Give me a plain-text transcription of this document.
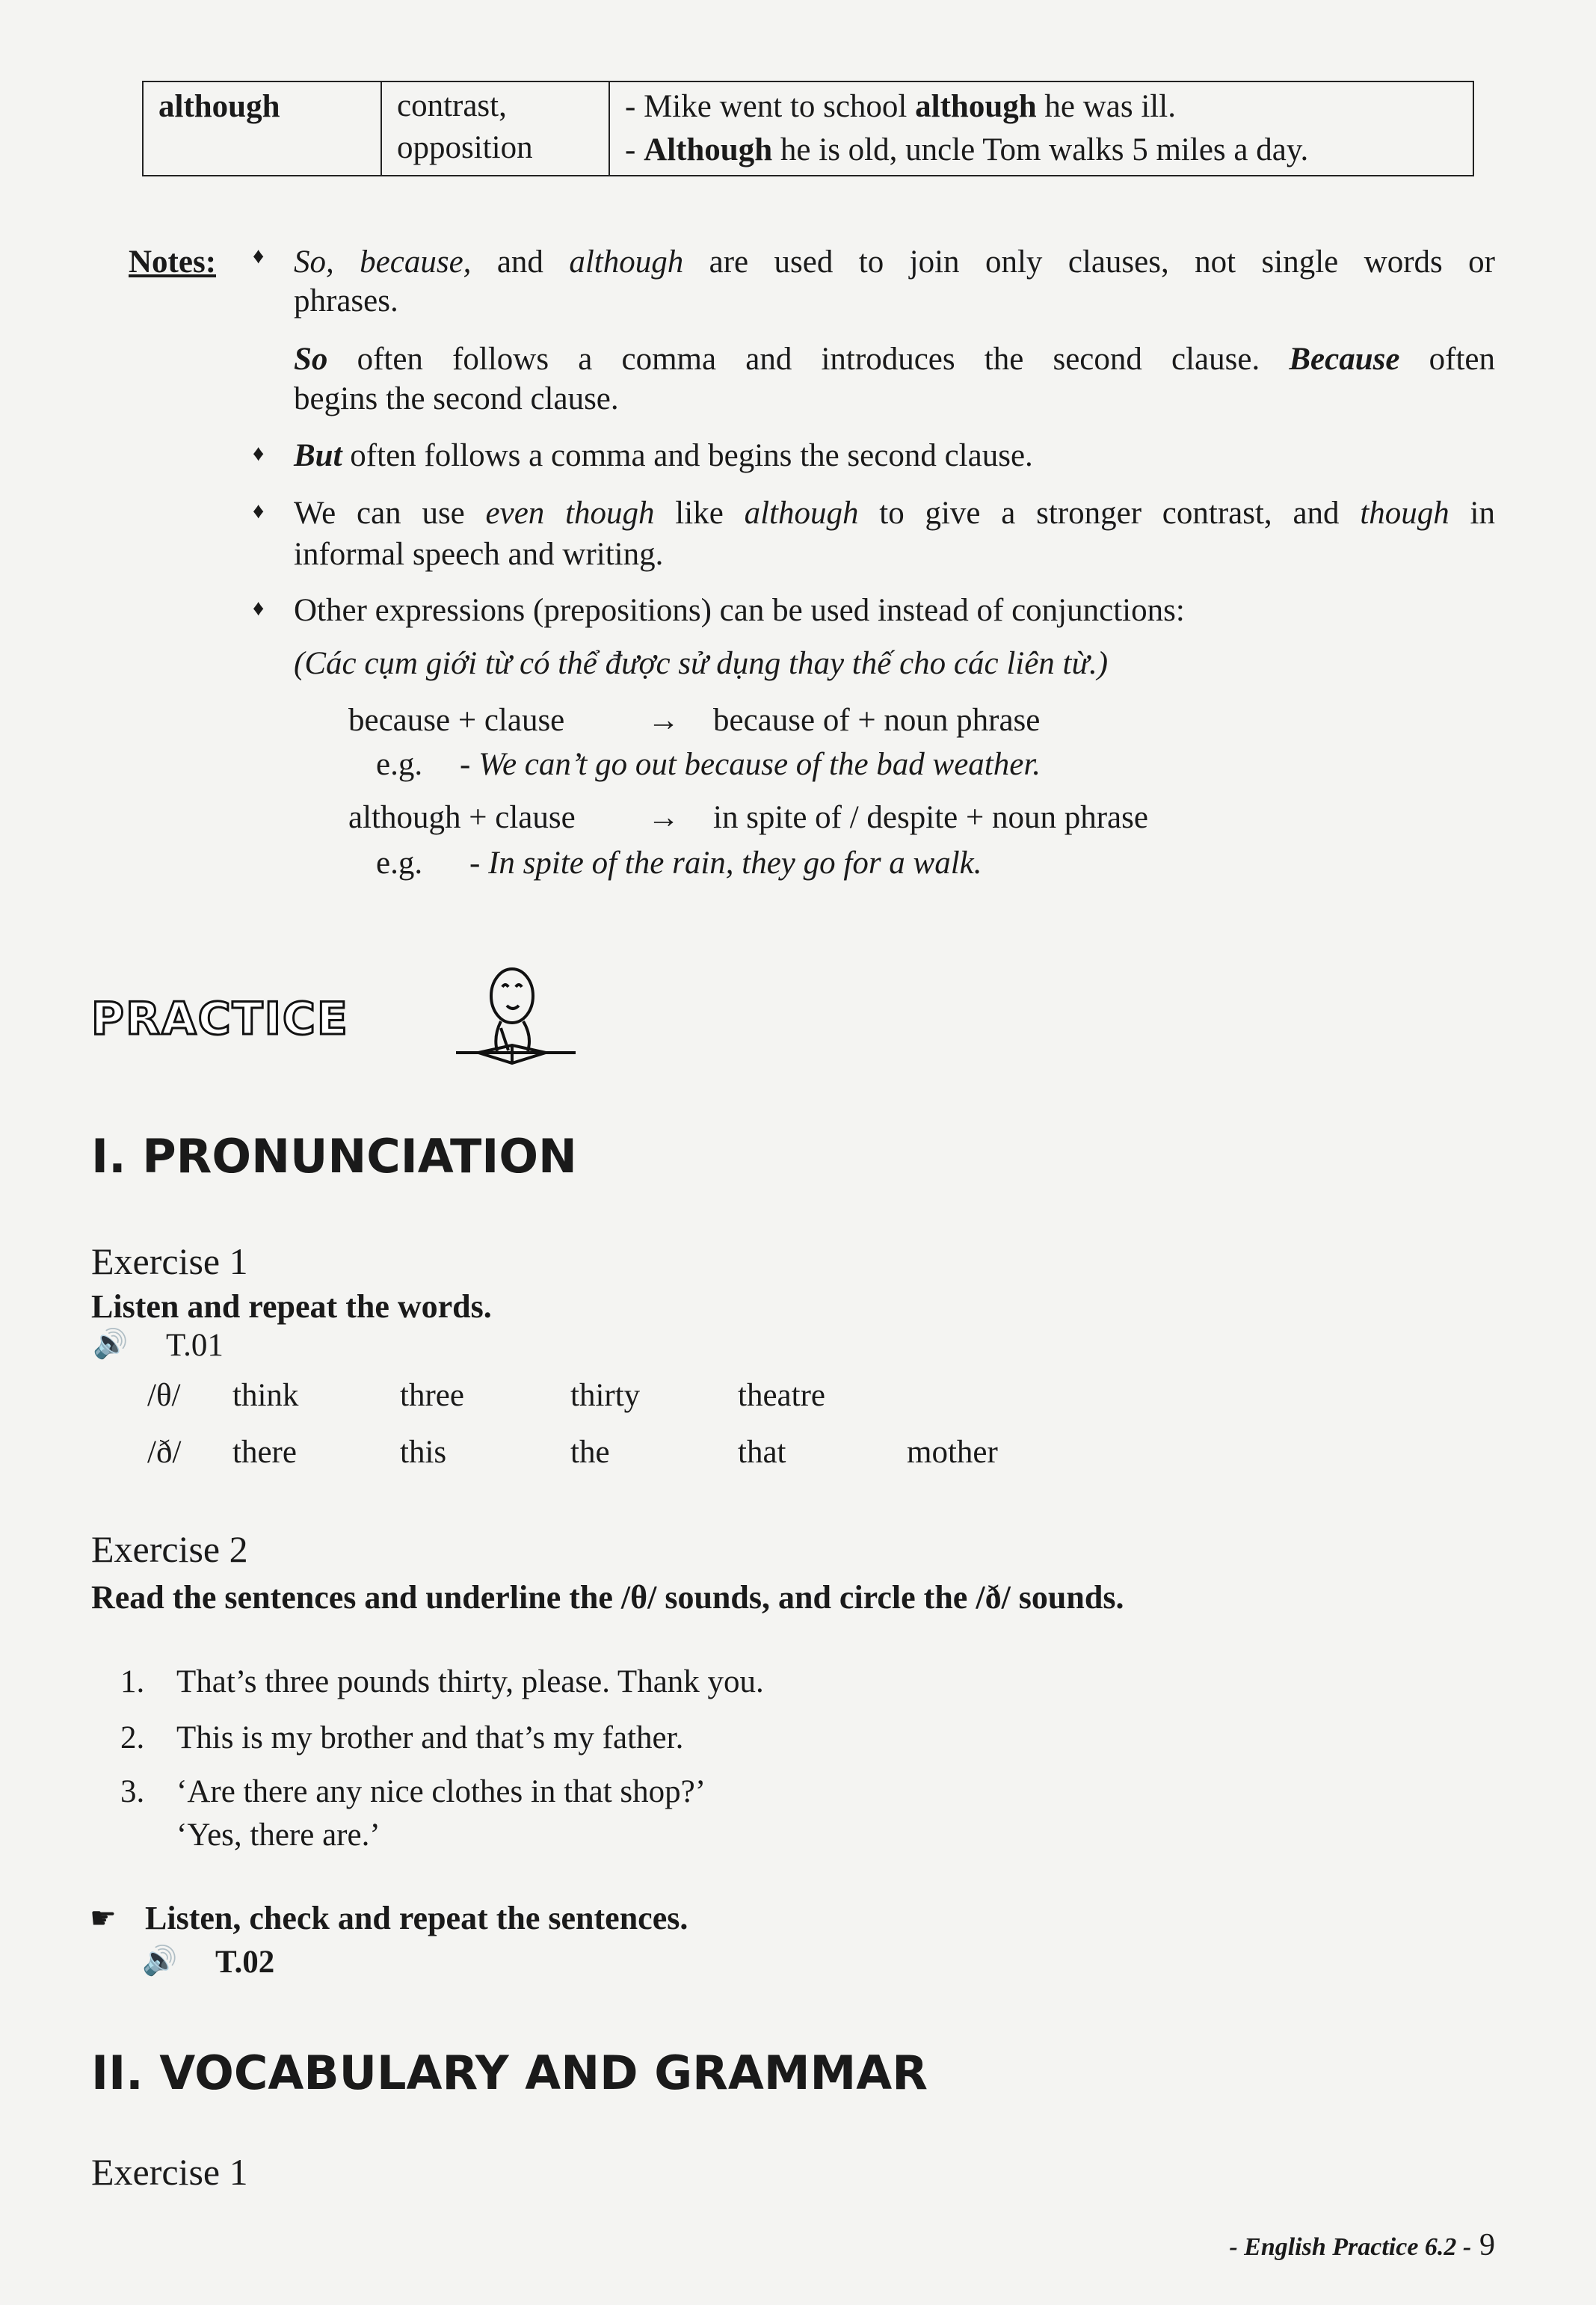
although	contrast, opposition	
- Mike went to school although he was ill.
- Although he is old, uncle Tom walks 5 miles a day.
Notes: ♦ So, because, and although are used to join only clauses, not single words or
phrases.
So often follows a comma and introduces the second clause. Because often
begins the second clause.
♦ But often follows a comma and begins the second clause.
♦ We can use even though like although to give a stronger contrast, and though in
informal speech and writing.
♦ Other expressions (prepositions) can be used instead of conjunctions:
(Các cụm giới từ có thể được sử dụng thay thế cho các liên từ.)
because + clause	→ because of + noun phrase
e.g. - We can’t go out because of the bad weather.
although + clause → in spite of / despite + noun phrase
e.g. - In spite of the rain, they go for a walk.
PRACTICE
I. PRONUNCIATION
Exercise 1
Listen and repeat the words.
🔊 T.01
/θ/ think	three	thirty	theatre
/ð/ there	this	the	that	mother
Exercise 2
Read the sentences and underline the /θ/ sounds, and circle the /ð/ sounds.
1. That’s three pounds thirty, please. Thank you.
2. This is my brother and that’s my father.
3. ‘Are there any nice clothes in that shop?’
‘Yes, there are.’
☛ Listen, check and repeat the sentences.
🔊 T.02
II. VOCABULARY AND GRAMMAR
Exercise 1
- English Practice 6.2 - 9
